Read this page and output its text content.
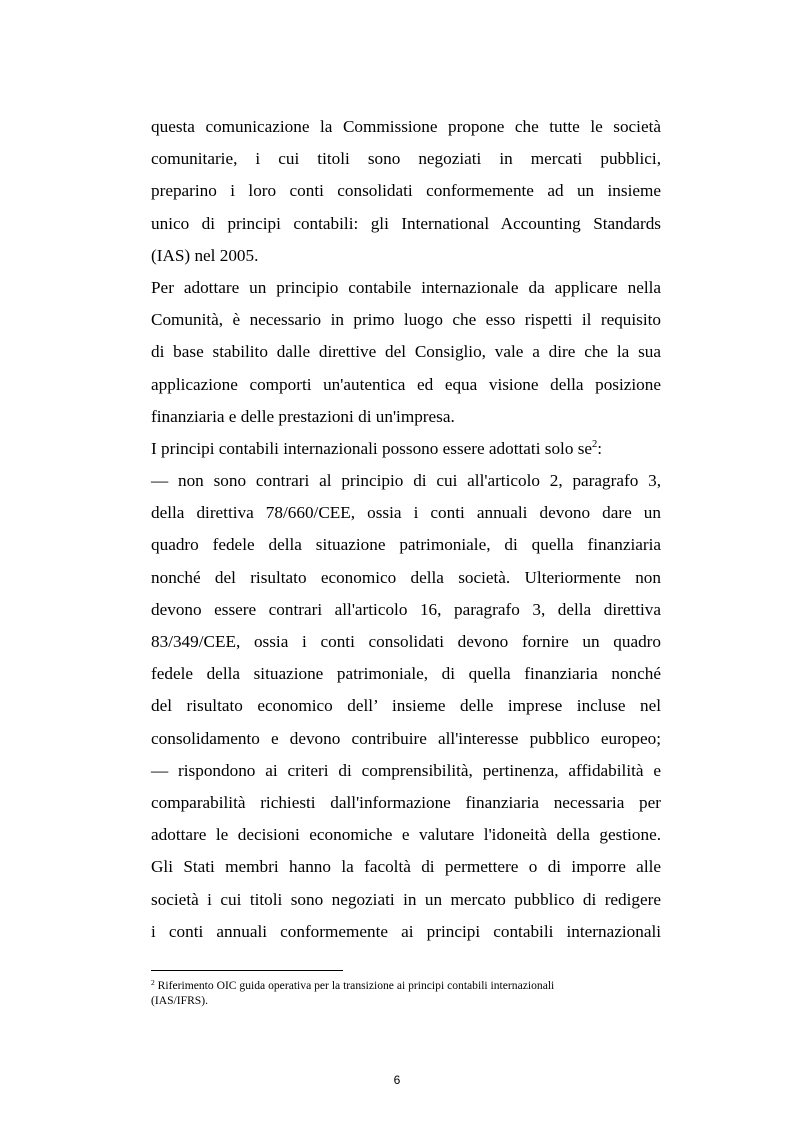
questa comunicazione la Commissione propone che tutte le società
comunitarie, i cui titoli sono negoziati in mercati pubblici,
preparino i loro conti consolidati conformemente ad un insieme
unico di principi contabili: gli International Accounting Standards
(IAS) nel 2005.
Per adottare un principio contabile internazionale da applicare nella
Comunità, è necessario in primo luogo che esso rispetti il requisito
di base stabilito dalle direttive del Consiglio, vale a dire che la sua
applicazione comporti un'autentica ed equa visione della posizione
finanziaria e delle prestazioni di un'impresa.
I principi contabili internazionali possono essere adottati solo se$^2$:
— non sono contrari al principio di cui all'articolo 2, paragrafo 3,
della direttiva 78/660/CEE, ossia i conti annuali devono dare un
quadro fedele della situazione patrimoniale, di quella finanziaria
nonché del risultato economico della società. Ulteriormente non
devono essere contrari all'articolo 16, paragrafo 3, della direttiva
83/349/CEE, ossia i conti consolidati devono fornire un quadro
fedele della situazione patrimoniale, di quella finanziaria nonché
del risultato economico dell’ insieme delle imprese incluse nel
consolidamento e devono contribuire all'interesse pubblico europeo;
— rispondono ai criteri di comprensibilità, pertinenza, affidabilità e
comparabilità richiesti dall'informazione finanziaria necessaria per
adottare le decisioni economiche e valutare l'idoneità della gestione.
Gli Stati membri hanno la facoltà di permettere o di imporre alle
società i cui titoli sono negoziati in un mercato pubblico di redigere
i conti annuali conformemente ai principi contabili internazionali
$^2$ Riferimento OIC guida operativa per la transizione ai principi contabili internazionali
(IAS/IFRS).
6
